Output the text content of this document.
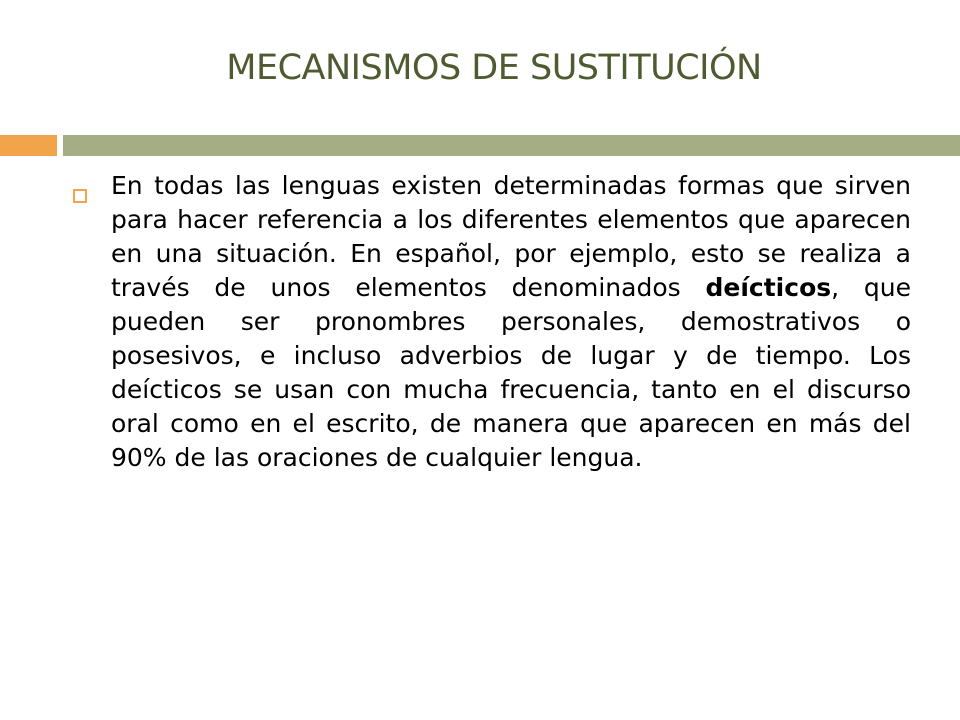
MECANISMOS DE SUSTITUCIÓN

En todas las lenguas existen determinadas formas que sirven para hacer referencia a los diferentes elementos que aparecen en una situación. En español, por ejemplo, esto se realiza a través de unos elementos denominados deícticos, que pueden ser pronombres personales, demostrativos o posesivos, e incluso adverbios de lugar y de tiempo. Los deícticos se usan con mucha frecuencia, tanto en el discurso oral como en el escrito, de manera que aparecen en más del 90% de las oraciones de cualquier lengua.
